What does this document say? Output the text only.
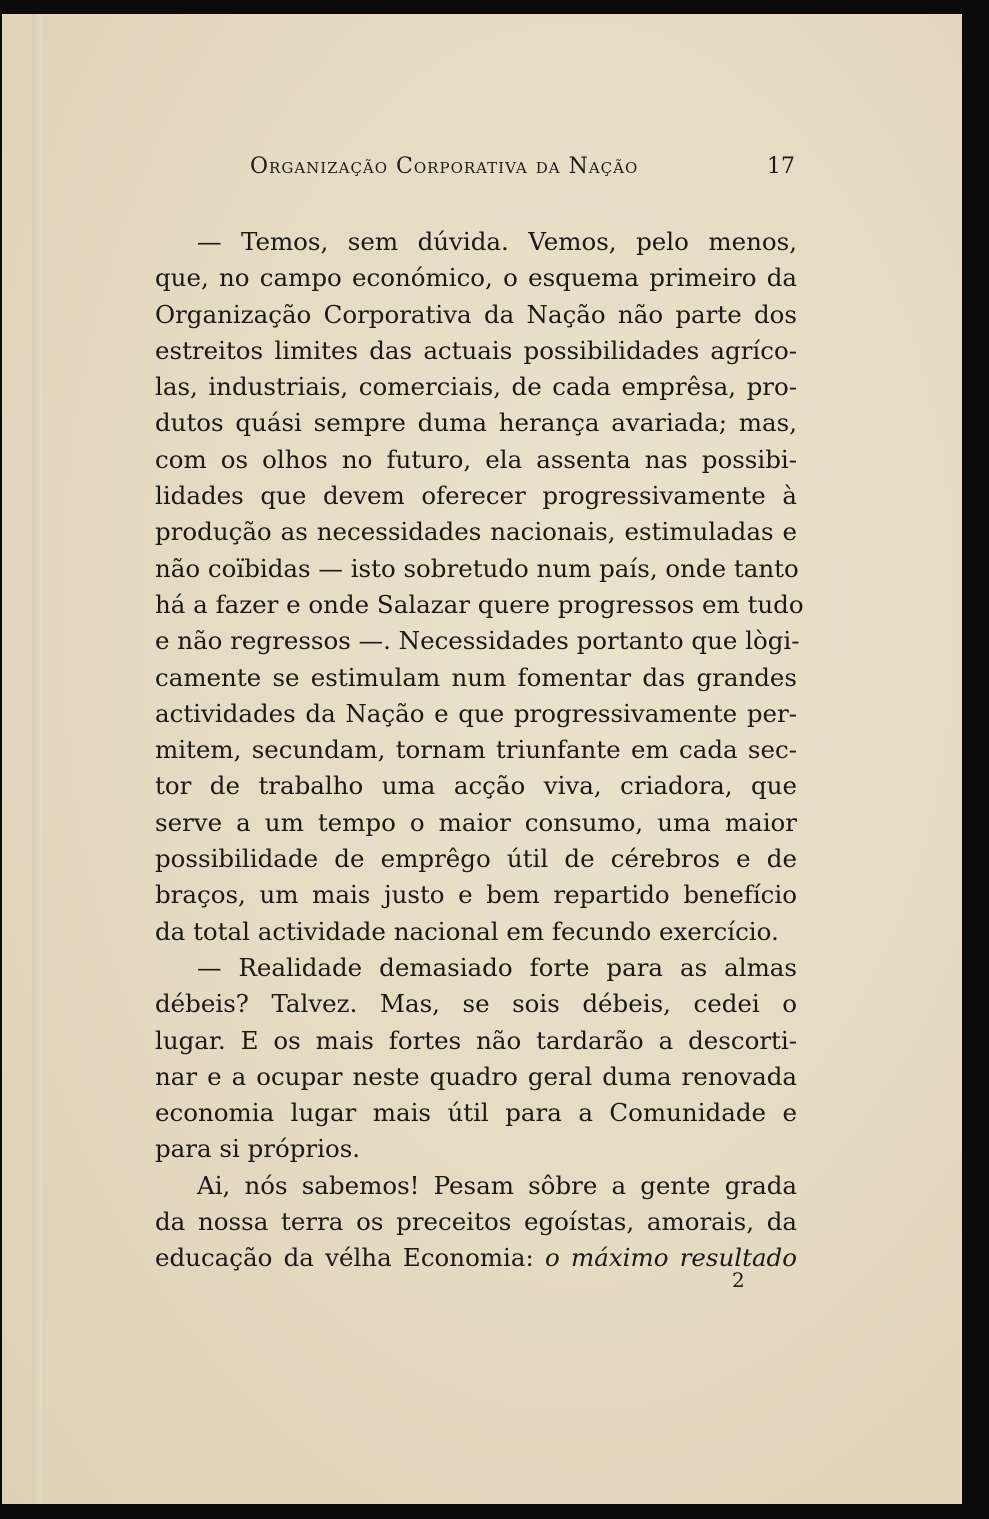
Organização Corporativa da Nação	17
— Temos, sem dúvida. Vemos, pelo menos,
que, no campo económico, o esquema primeiro da
Organização Corporativa da Nação não parte dos
estreitos limites das actuais possibilidades agríco-
las, industriais, comerciais, de cada emprêsa, pro-
dutos quási sempre duma herança avariada; mas,
com os olhos no futuro, ela assenta nas possibi-
lidades que devem oferecer progressivamente à
produção as necessidades nacionais, estimuladas e
não coïbidas — isto sobretudo num país, onde tanto
há a fazer e onde Salazar quere progressos em tudo
e não regressos —. Necessidades portanto que lògi-
camente se estimulam num fomentar das grandes
actividades da Nação e que progressivamente per-
mitem, secundam, tornam triunfante em cada sec-
tor de trabalho uma acção viva, criadora, que
serve a um tempo o maior consumo, uma maior
possibilidade de emprêgo útil de cérebros e de
braços, um mais justo e bem repartido benefício
da total actividade nacional em fecundo exercício.
— Realidade demasiado forte para as almas
débeis? Talvez. Mas, se sois débeis, cedei o
lugar. E os mais fortes não tardarão a descorti-
nar e a ocupar neste quadro geral duma renovada
economia lugar mais útil para a Comunidade e
para si próprios.
Ai, nós sabemos! Pesam sôbre a gente grada
da nossa terra os preceitos egoístas, amorais, da
educação da vélha Economia: o máximo resultado
2
